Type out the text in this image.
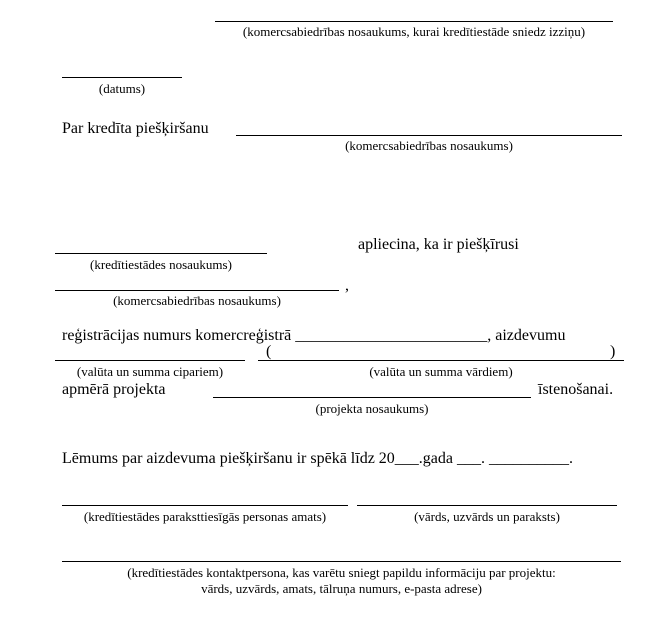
(komercsabiedrības nosaukums, kurai kredītiestāde sniedz izziņu)
(datums)
Par kredīta piešķiršanu
(komercsabiedrības nosaukums)
apliecina, ka ir piešķīrusi
(kredītiestādes nosaukums)
,
(komercsabiedrības nosaukums)
reģistrācijas numurs komercreģistrā ________________________, aizdevumu
(	)
(valūta un summa cipariem)	(valūta un summa vārdiem)
apmērā projekta	īstenošanai.
(projekta nosaukums)
Lēmums par aizdevuma piešķiršanu ir spēkā līdz 20___.gada ___. __________.
(kredītiestādes paraksttiesīgās personas amats)	(vārds, uzvārds un paraksts)
(kredītiestādes kontaktpersona, kas varētu sniegt papildu informāciju par projektu:
vārds, uzvārds, amats, tālruņa numurs, e-pasta adrese)
